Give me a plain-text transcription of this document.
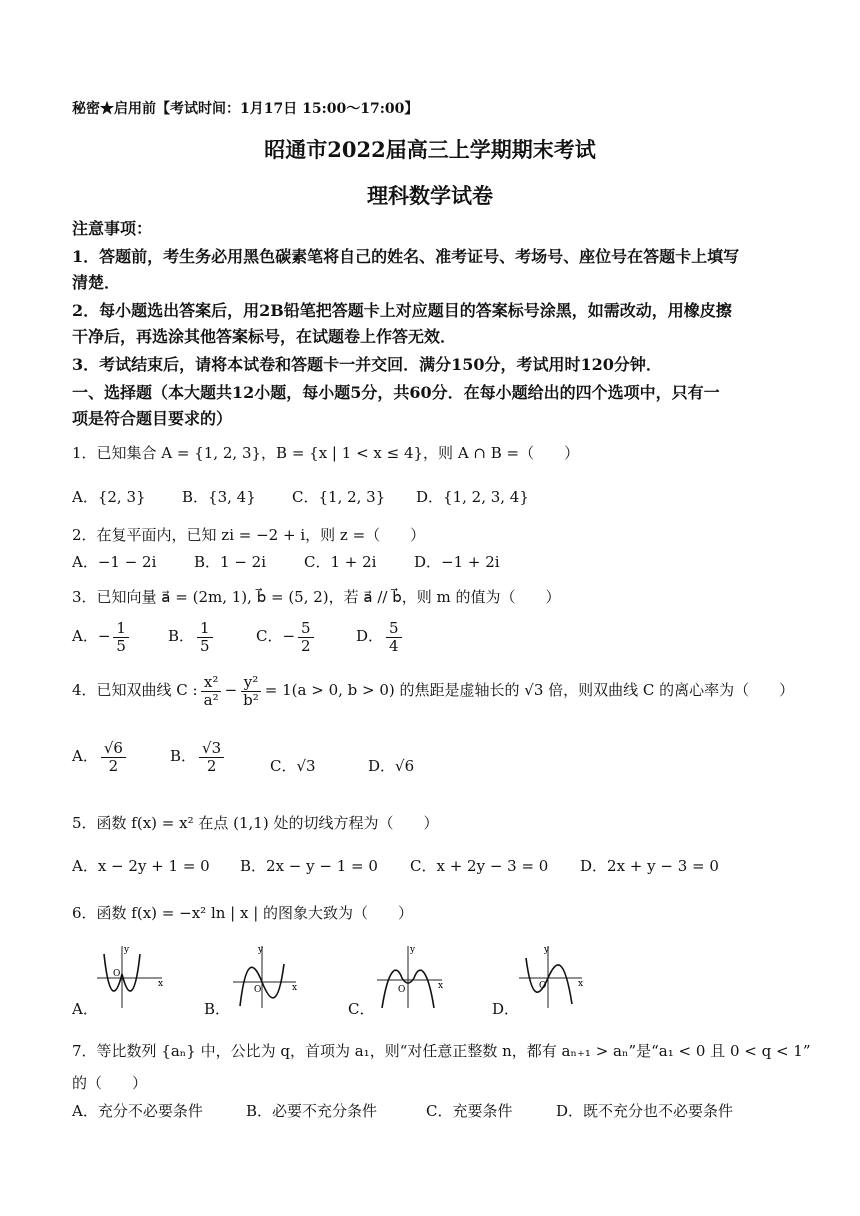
秘密★启用前【考试时间：1月17日 15:00～17:00】
昭通市2022届高三上学期期末考试
理科数学试卷
注意事项：
1．答题前，考生务必用黑色碳素笔将自己的姓名、准考证号、考场号、座位号在答题卡上填写
清楚．
2．每小题选出答案后，用2B铅笔把答题卡上对应题目的答案标号涂黑，如需改动，用橡皮擦
干净后，再选涂其他答案标号，在试题卷上作答无效．
3．考试结束后，请将本试卷和答题卡一并交回．满分150分，考试用时120分钟．
一、选择题（本大题共12小题，每小题5分，共60分．在每小题给出的四个选项中，只有一
项是符合题目要求的）
1．已知集合 A = {1, 2, 3}，B = {x | 1 < x ≤ 4}，则 A ∩ B =（　　）
A．{2, 3} B．{3, 4} C．{1, 2, 3} D．{1, 2, 3, 4}
2．在复平面内，已知 zi = −2 + i，则 z =（　　）
A．−1 − 2i	B．1 − 2i	C．1 + 2i	D．−1 + 2i
3．已知向量 a⃗ = (2m, 1), b⃗ = (5, 2)，若 a⃗ // b⃗，则 m 的值为（　　）
A．− $\frac{1}{5}$	B． $\frac{1}{5}$	C．− $\frac{5}{2}$	D． $\frac{5}{4}$
4．已知双曲线 C : $\frac{\text{x²}}{\text{a²}} - \frac{\text{y²}}{\text{b²}} = 1(a > 0$, b > 0) 的焦距是虚轴长的 √3 倍，则双曲线 C 的离心率为（　　）
A． $\frac{√6}{2}$	B． $\frac{√3}{2}$	C．√3	D．√6
5．函数 f(x) = x² 在点 (1,1) 处的切线方程为（　　）
A．x − 2y + 1 = 0 B．2x − y − 1 = 0 C．x + 2y − 3 = 0 D．2x + y − 3 = 0
6．函数 f(x) = −x² ln | x | 的图象大致为（　　）
A．
y
x
O
B．
y
x
O
C．
y
x
O
D．
y
x
O
7．等比数列 {aₙ} 中，公比为 q，首项为 a₁，则“对任意正整数 n，都有 aₙ₊₁ > aₙ”是“a₁ < 0 且 0 < q < 1”
的（　　）
A．充分不必要条件	B．必要不充分条件	C．充要条件	D．既不充分也不必要条件
